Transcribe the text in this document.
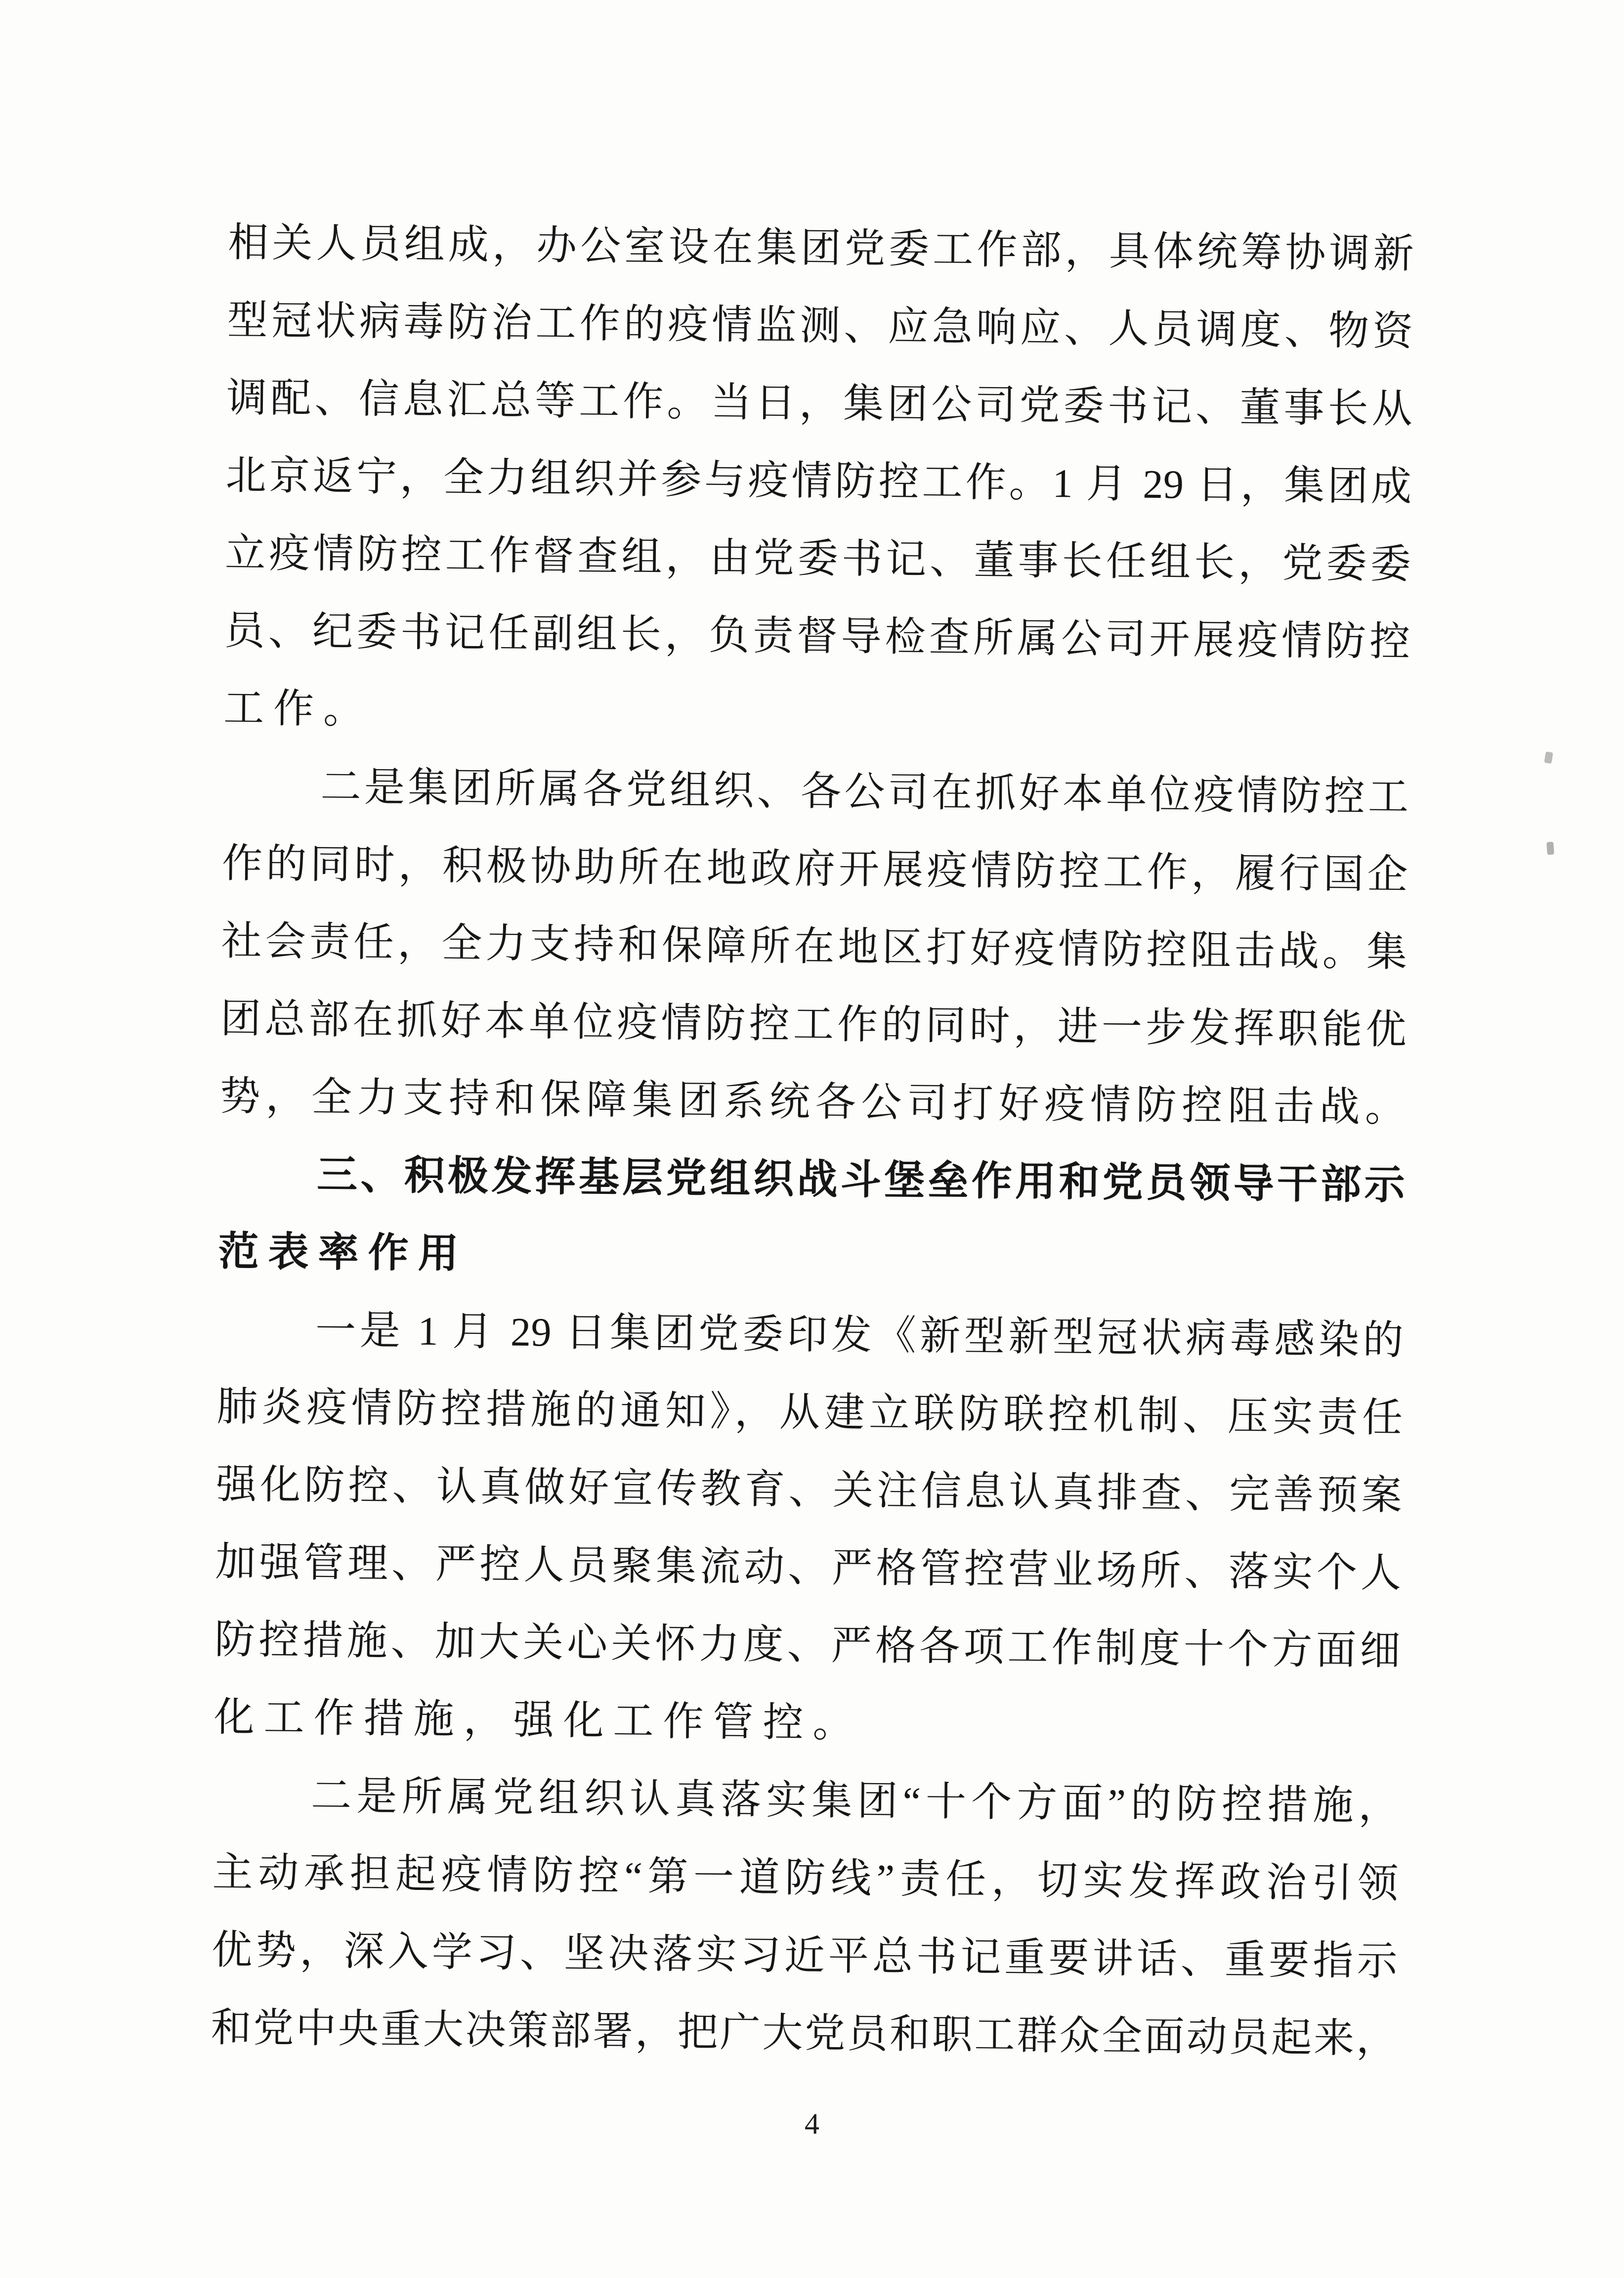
相关人员组成，办公室设在集团党委工作部，具体统筹协调新
型冠状病毒防治工作的疫情监测、应急响应、人员调度、物资
调配、信息汇总等工作。当日，集团公司党委书记、董事长从
北京返宁，全力组织并参与疫情防控工作。1 月 29 日，集团成
立疫情防控工作督查组，由党委书记、董事长任组长，党委委
员、纪委书记任副组长，负责督导检查所属公司开展疫情防控
工作。
二是集团所属各党组织、各公司在抓好本单位疫情防控工
作的同时，积极协助所在地政府开展疫情防控工作，履行国企
社会责任，全力支持和保障所在地区打好疫情防控阻击战。集
团总部在抓好本单位疫情防控工作的同时，进一步发挥职能优
势，全力支持和保障集团系统各公司打好疫情防控阻击战。
三、积极发挥基层党组织战斗堡垒作用和党员领导干部示
范表率作用
一是 1 月 29 日集团党委印发《新型新型冠状病毒感染的
肺炎疫情防控措施的通知》，从建立联防联控机制、压实责任
强化防控、认真做好宣传教育、关注信息认真排查、完善预案
加强管理、严控人员聚集流动、严格管控营业场所、落实个人
防控措施、加大关心关怀力度、严格各项工作制度十个方面细
化工作措施，强化工作管控。
二是所属党组织认真落实集团“十个方面”的防控措施，
主动承担起疫情防控“第一道防线”责任，切实发挥政治引领
优势，深入学习、坚决落实习近平总书记重要讲话、重要指示
和党中央重大决策部署，把广大党员和职工群众全面动员起来，
4
